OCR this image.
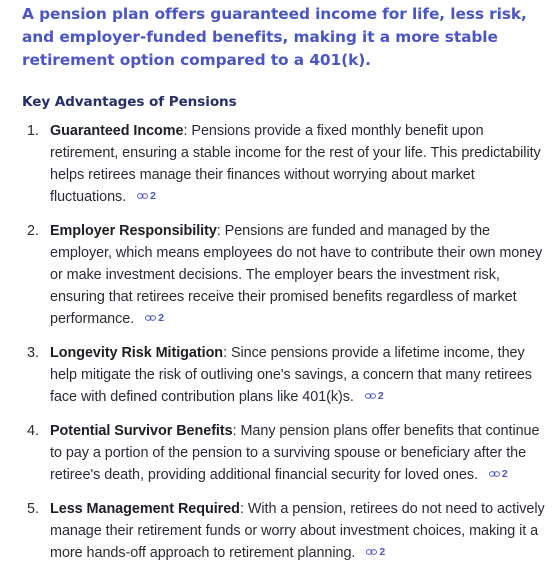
A pension plan offers guaranteed income for life, less risk, and employer-funded benefits, making it a more stable retirement option compared to a 401(k).
Key Advantages of Pensions
1. Guaranteed Income: Pensions provide a fixed monthly benefit upon retirement, ensuring a stable income for the rest of your life. This predictability helps retirees manage their finances without worrying about market fluctuations. 2
2. Employer Responsibility: Pensions are funded and managed by the employer, which means employees do not have to contribute their own money or make investment decisions. The employer bears the investment risk, ensuring that retirees receive their promised benefits regardless of market performance. 2
3. Longevity Risk Mitigation: Since pensions provide a lifetime income, they help mitigate the risk of outliving one's savings, a concern that many retirees face with defined contribution plans like 401(k)s. 2
4. Potential Survivor Benefits: Many pension plans offer benefits that continue to pay a portion of the pension to a surviving spouse or beneficiary after the retiree's death, providing additional financial security for loved ones. 2
5. Less Management Required: With a pension, retirees do not need to actively manage their retirement funds or worry about investment choices, making it a more hands-off approach to retirement planning. 2
